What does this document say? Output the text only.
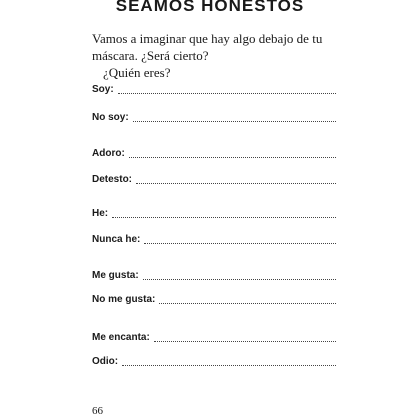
SEAMOS HONESTOS

Vamos a imaginar que hay algo debajo de tu máscara. ¿Será cierto?

¿Quién eres?

Soy:
No soy:
Adoro:
Detesto:
He:
Nunca he:
Me gusta:
No me gusta:
Me encanta:
Odio:
66
